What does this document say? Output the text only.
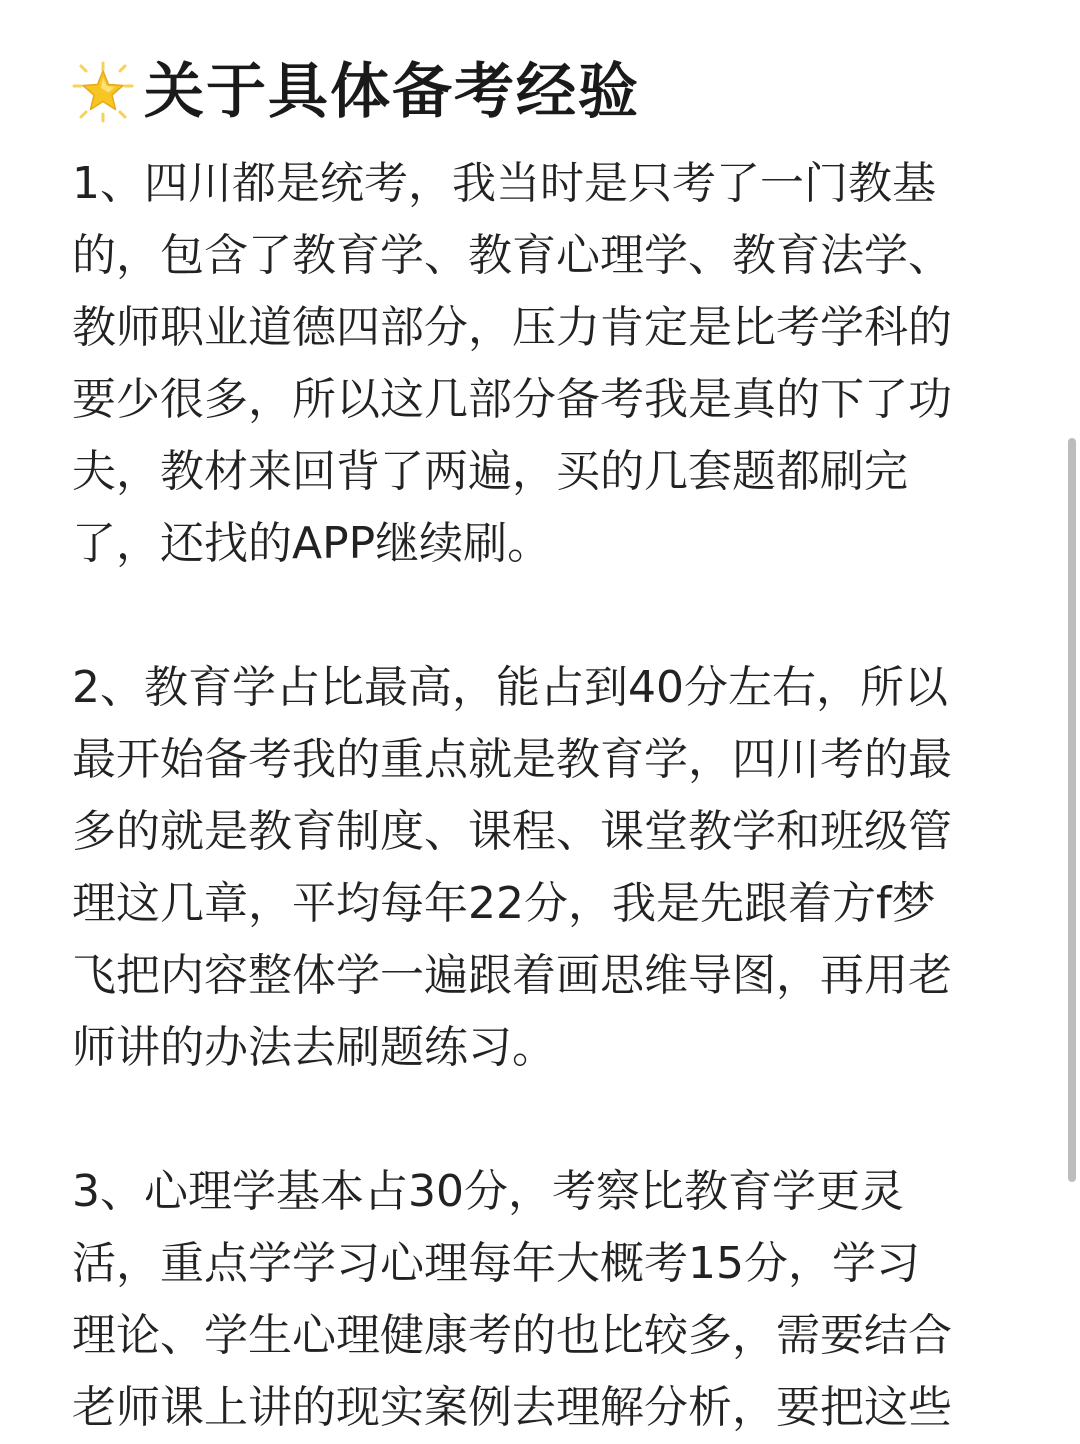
关于具体备考经验
1、四川都是统考，我当时是只考了一门教基
的，包含了教育学、教育心理学、教育法学、
教师职业道德四部分，压力肯定是比考学科的
要少很多，所以这几部分备考我是真的下了功
夫，教材来回背了两遍，买的几套题都刷完
了，还找的APP继续刷。
2、教育学占比最高，能占到40分左右，所以
最开始备考我的重点就是教育学，四川考的最
多的就是教育制度、课程、课堂教学和班级管
理这几章，平均每年22分，我是先跟着方f梦
飞把内容整体学一遍跟着画思维导图，再用老
师讲的办法去刷题练习。
3、心理学基本占30分，考察比教育学更灵
活，重点学学习心理每年大概考15分，学习
理论、学生心理健康考的也比较多，需要结合
老师课上讲的现实案例去理解分析，要把这些
